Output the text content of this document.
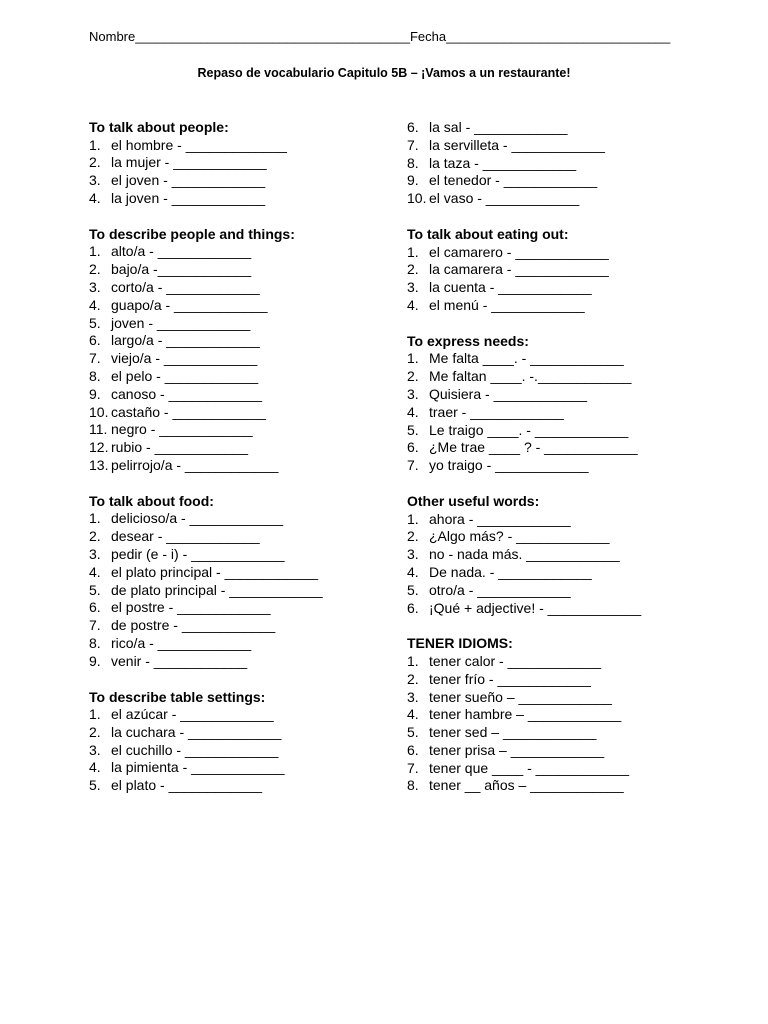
Nombre______________________________________Fecha_______________________________
Repaso de vocabulario Capitulo 5B – ¡Vamos a un restaurante!
To talk about people:
1. el hombre - _____________
2. la mujer - ____________
3. el joven - ____________
4. la joven - ____________
To describe people and things:
1. alto/a - ____________
2. bajo/a -____________
3. corto/a - ____________
4. guapo/a - ____________
5. joven - ____________
6. largo/a - ____________
7. viejo/a - ____________
8. el pelo - ____________
9. canoso - ____________
10. castaño - ____________
11. negro - ____________
12. rubio - ____________
13. pelirrojo/a - ____________
To talk about food:
1. delicioso/a - ____________
2. desear - ____________
3. pedir (e - i) - ____________
4. el plato principal - ____________
5. de plato principal - ____________
6. el postre - ____________
7. de postre - ____________
8. rico/a - ____________
9. venir - ____________
To describe table settings:
1. el azúcar - ____________
2. la cuchara - ____________
3. el cuchillo - ____________
4. la pimienta - ____________
5. el plato - ____________
6. la sal - ____________
7. la servilleta - ____________
8. la taza - ____________
9. el tenedor - ____________
10. el vaso - ____________
To talk about eating out:
1. el camarero - ____________
2. la camarera - ____________
3. la cuenta - ____________
4. el menú - ____________
To express needs:
1. Me falta ____. - ____________
2. Me faltan ____. -.____________
3. Quisiera - ____________
4. traer - ____________
5. Le traigo ____. - ____________
6. ¿Me trae ____ ? - ____________
7. yo traigo - ____________
Other useful words:
1. ahora - ____________
2. ¿Algo más? - ____________
3. no - nada más. ____________
4. De nada. - ____________
5. otro/a - ____________
6. ¡Qué + adjective! - ____________
TENER IDIOMS:
1. tener calor - ____________
2. tener frío - ____________
3. tener sueño – ____________
4. tener hambre – ____________
5. tener sed – ____________
6. tener prisa – ____________
7. tener que ____ - ____________
8. tener __ años – ____________
